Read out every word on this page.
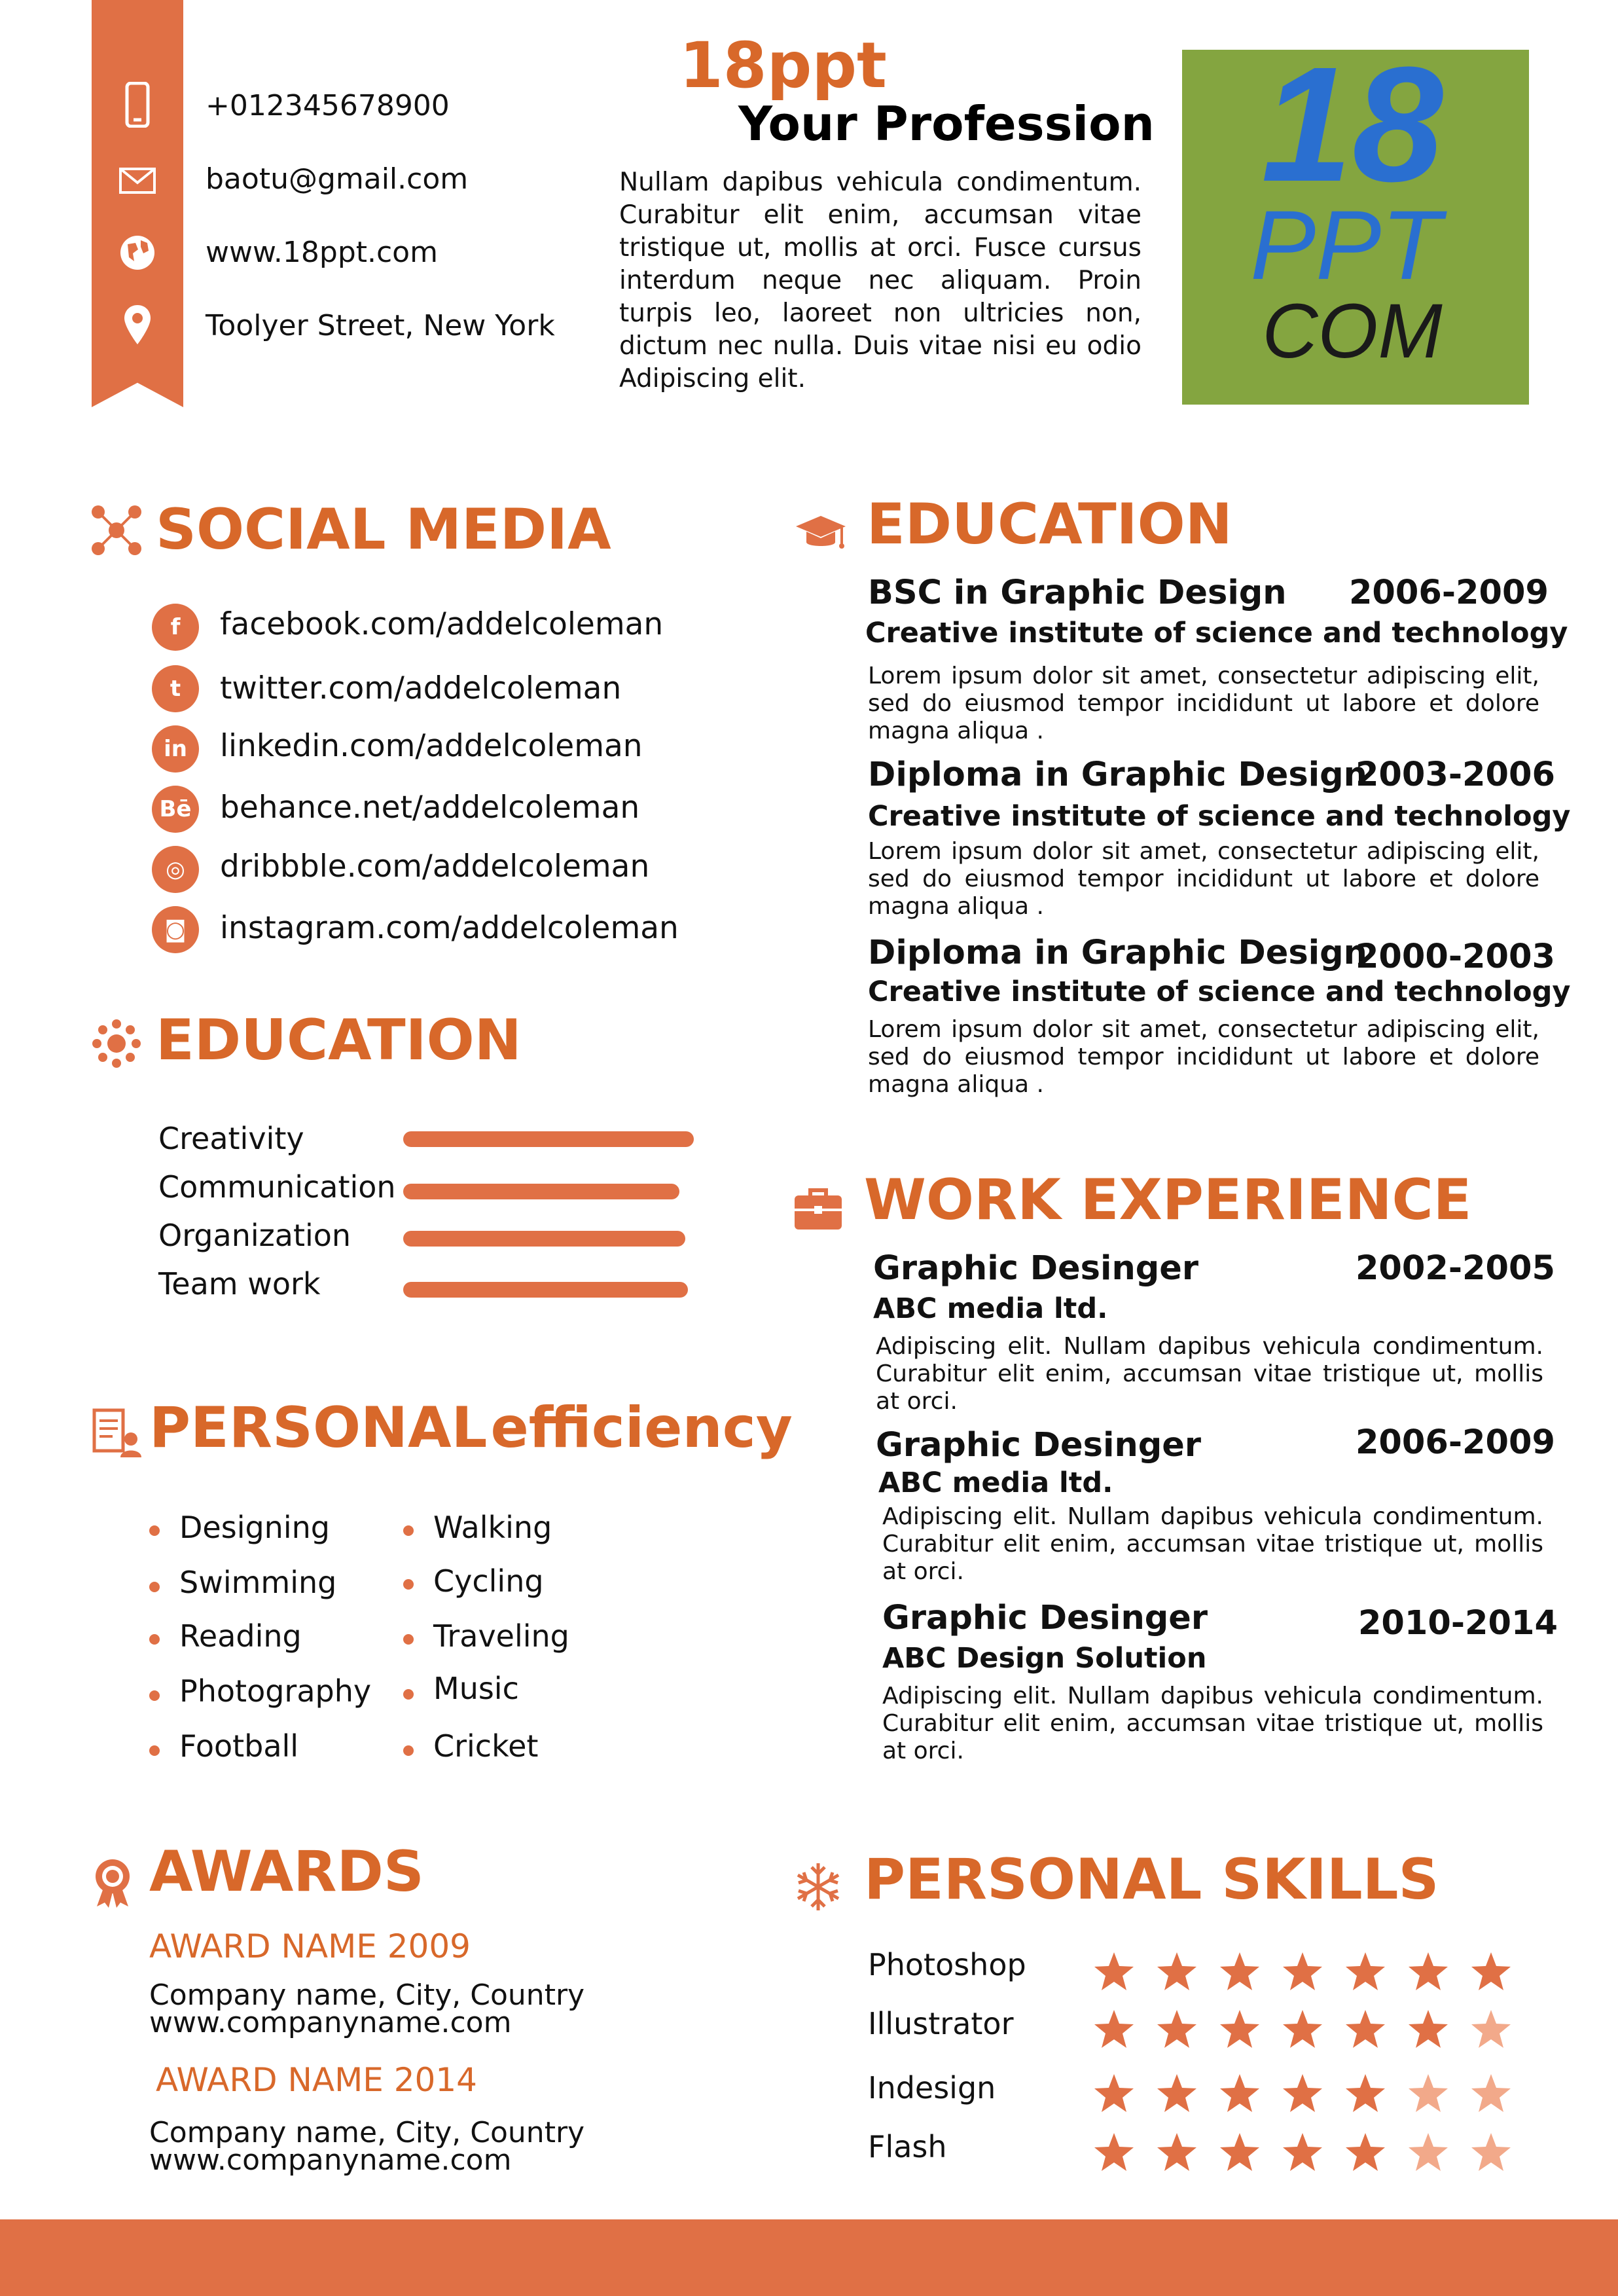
+012345678900
baotu@gmail.com
www.18ppt.com
Toolyer Street, New York
18ppt
Your Profession
Nullam dapibus vehicula condimentum. Curabitur elit enim, accumsan vitae tristique ut, mollis at orci. Fusce cursus interdum neque nec aliquam. Proin turpis leo, laoreet non ultricies non, dictum nec nulla. Duis vitae nisi eu odio Adipiscing elit.
18
PPT
COM
SOCIAL MEDIA
f	facebook.com/addelcoleman
t	twitter.com/addelcoleman
in	linkedin.com/addelcoleman
Bē behance.net/addelcoleman
◎	dribbble.com/addelcoleman
◙	instagram.com/addelcoleman
EDUCATION
Creativity
Communication
Organization
Team work
PERSONAL efficiency
Designing
Swimming
Reading
Photography
Football
Walking
Cycling
Traveling
Music
Cricket
AWARDS
AWARD NAME 2009
Company name, City, Country
www.companyname.com
AWARD NAME 2014
Company name, City, Country
www.companyname.com
EDUCATION
BSC in Graphic Design 2006-2009
Creative institute of science and technology
Lorem ipsum dolor sit amet, consectetur adipiscing elit, sed do eiusmod tempor incididunt ut labore et dolore magna aliqua .
Diploma in Graphic Design
2003-2006
Creative institute of science and technology
Lorem ipsum dolor sit amet, consectetur adipiscing elit, sed do eiusmod tempor incididunt ut labore et dolore magna aliqua .
Diploma in Graphic Design
2000-2003
Creative institute of science and technology
Lorem ipsum dolor sit amet, consectetur adipiscing elit, sed do eiusmod tempor incididunt ut labore et dolore magna aliqua .
WORK EXPERIENCE
Graphic Desinger	2002-2005
ABC media ltd.
Adipiscing elit. Nullam dapibus vehicula condimentum. Curabitur elit enim, accumsan vitae tristique ut, mollis at orci.
Graphic Desinger	2006-2009
ABC media ltd.
Adipiscing elit. Nullam dapibus vehicula condimentum. Curabitur elit enim, accumsan vitae tristique ut, mollis at orci.
Graphic Desinger	2010-2014
ABC Design Solution
Adipiscing elit. Nullam dapibus vehicula condimentum. Curabitur elit enim, accumsan vitae tristique ut, mollis at orci.
PERSONAL SKILLS
Photoshop
Illustrator
Indesign
Flash
